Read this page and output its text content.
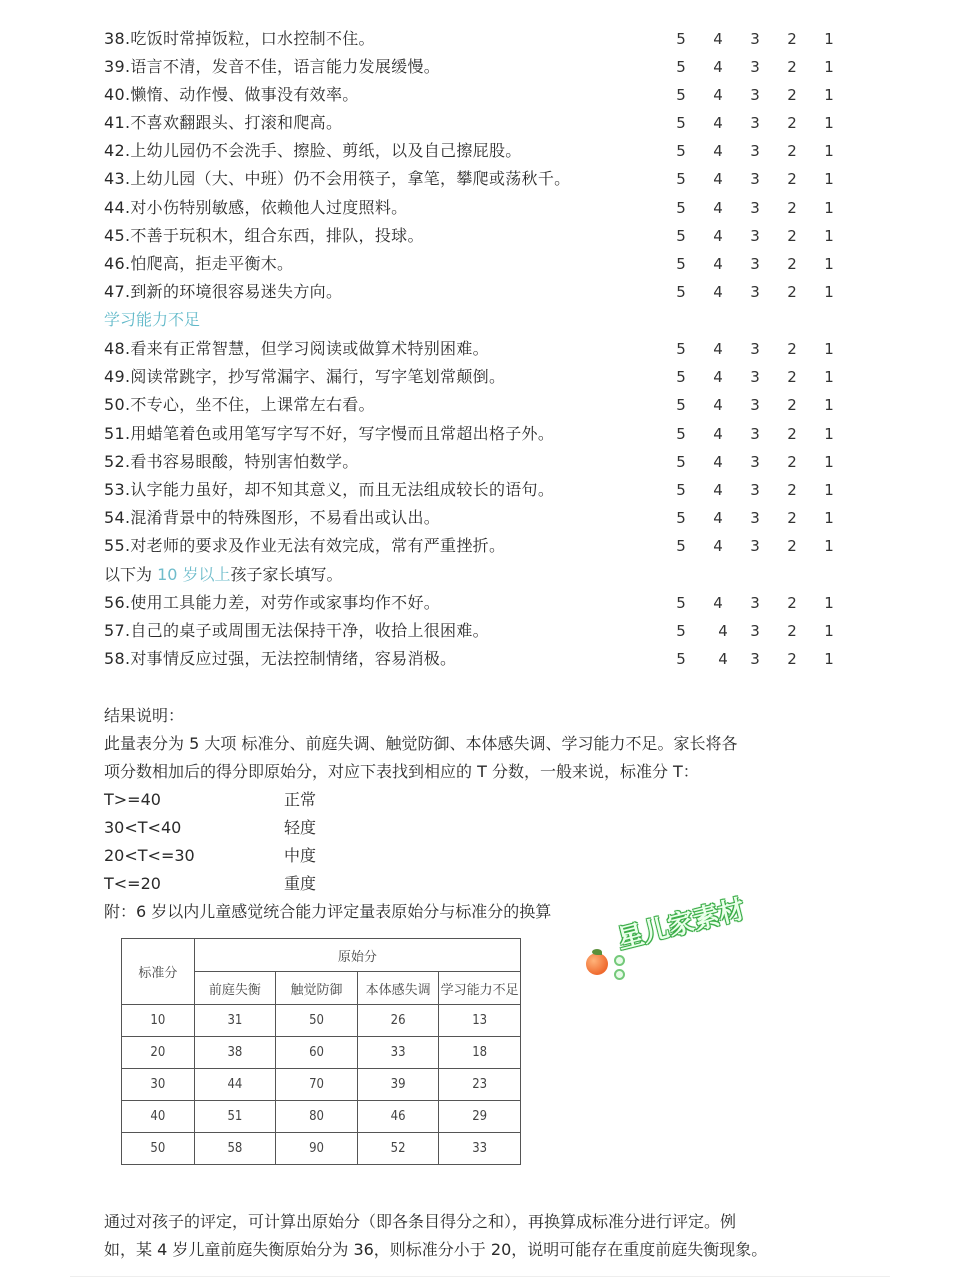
38.吃饭时常掉饭粒，口水控制不住。	5 4 3 2 1
39.语言不清，发音不佳，语言能力发展缓慢。	5 4 3 2 1
40.懒惰、动作慢、做事没有效率。	5 4 3 2 1
41.不喜欢翻跟头、打滚和爬高。	5 4 3 2 1
42.上幼儿园仍不会洗手、擦脸、剪纸，以及自己擦屁股。	5 4 3 2 1
43.上幼儿园（大、中班）仍不会用筷子，拿笔，攀爬或荡秋千。	5 4 3 2 1
44.对小伤特别敏感，依赖他人过度照料。	5 4 3 2 1
45.不善于玩积木，组合东西，排队，投球。	5 4 3 2 1
46.怕爬高，拒走平衡木。	5 4 3 2 1
47.到新的环境很容易迷失方向。	5 4 3 2 1
学习能力不足
48.看来有正常智慧，但学习阅读或做算术特别困难。	5 4 3 2 1
49.阅读常跳字，抄写常漏字、漏行，写字笔划常颠倒。	5 4 3 2 1
50.不专心，坐不住，上课常左右看。	5 4 3 2 1
51.用蜡笔着色或用笔写字写不好，写字慢而且常超出格子外。	5 4 3 2 1
52.看书容易眼酸，特别害怕数学。	5 4 3 2 1
53.认字能力虽好，却不知其意义，而且无法组成较长的语句。	5 4 3 2 1
54.混淆背景中的特殊图形，不易看出或认出。	5 4 3 2 1
55.对老师的要求及作业无法有效完成，常有严重挫折。	5 4 3 2 1
以下为 10 岁以上孩子家长填写。
56.使用工具能力差，对劳作或家事均作不好。	5 4 3 2 1
57.自己的桌子或周围无法保持干净，收拾上很困难。	5 4 3 2 1
58.对事情反应过强，无法控制情绪，容易消极。	5 4 3 2 1
结果说明：
此量表分为 5 大项 标准分、前庭失调、触觉防御、本体感失调、学习能力不足。家长将各
项分数相加后的得分即原始分，对应下表找到相应的 T 分数，一般来说，标准分 T：
T>=40	正常
30<T<40	轻度
20<T<=30	中度
T<=20	重度
附：6 岁以内儿童感觉统合能力评定量表原始分与标准分的换算
标准分	原始分			
	前庭失衡	触觉防御	本体感失调	学习能力不足
10	31	50	26	13
20	38	60	33	18
30	44	70	39	23
40	51	80	46	29
50	58	90	52	33
星儿家素材
通过对孩子的评定，可计算出原始分（即各条目得分之和），再换算成标准分进行评定。例
如，某 4 岁儿童前庭失衡原始分为 36，则标准分小于 20，说明可能存在重度前庭失衡现象。
